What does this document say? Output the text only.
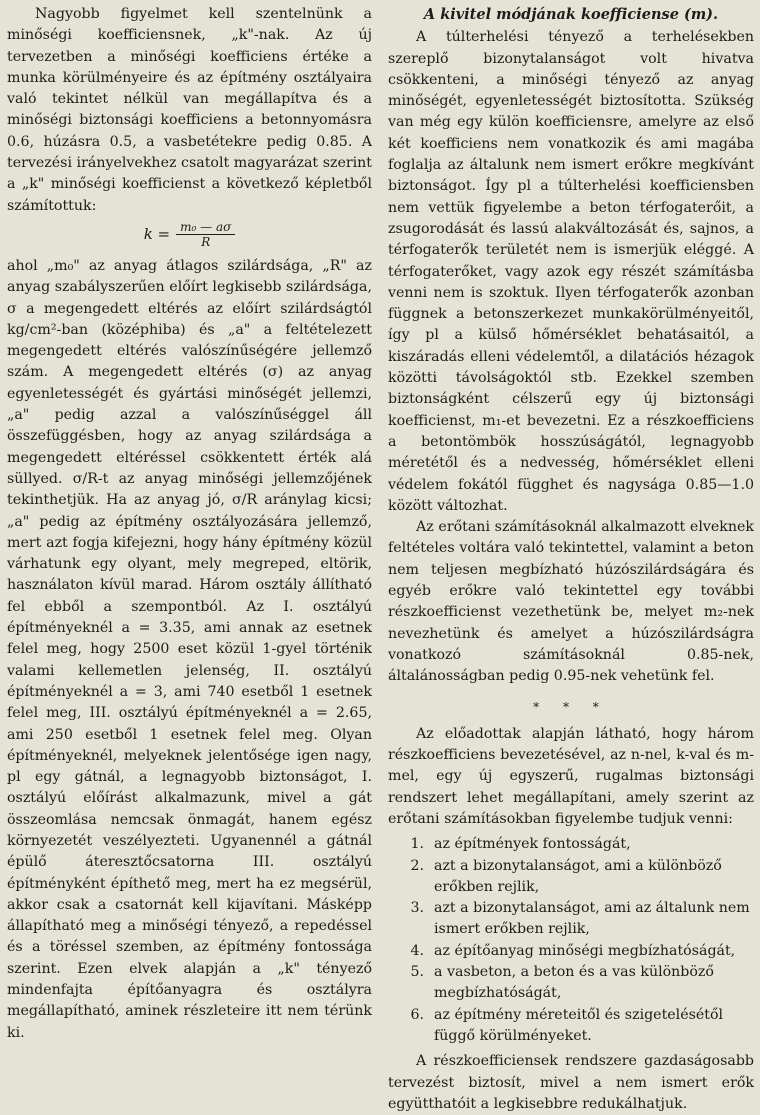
Nagyobb figyelmet kell szentelnünk a minőségi koefficiensnek, „k"-nak. Az új tervezetben a minőségi koefficiens értéke a munka körülményeire és az építmény osztályaira való tekintet nélkül van megállapítva és a minőségi biztonsági koefficiens a betonnyomásra 0.6, húzásra 0.5, a vasbetétekre pedig 0.85. A tervezési irányelvekhez csatolt magyarázat szerint a „k" minőségi koefficienst a következő képletből számítottuk:

$k = \frac{\text{m₀ — aσ}}{R}$

ahol „m₀" az anyag átlagos szilárdsága, „R" az anyag szabályszerűen előírt legkisebb szilárdsága, σ a megengedett eltérés az előírt szilárdságtól kg/cm²-ban (középhiba) és „a" a feltételezett megengedett eltérés valószínűségére jellemző szám. A megengedett eltérés (σ) az anyag egyenletességét és gyártási minőségét jellemzi, „a" pedig azzal a valószínűséggel áll összefüggésben, hogy az anyag szilárdsága a megengedett eltéréssel csökkentett érték alá süllyed. σ/R-t az anyag minőségi jellemzőjének tekinthetjük. Ha az anyag jó, σ/R aránylag kicsi; „a" pedig az építmény osztályozására jellemző, mert azt fogja kifejezni, hogy hány építmény közül várhatunk egy olyant, mely megreped, eltörik, használaton kívül marad. Három osztály állítható fel ebből a szempontból. Az I. osztályú építményeknél a = 3.35, ami annak az esetnek felel meg, hogy 2500 eset közül 1-gyel történik valami kellemetlen jelenség, II. osztályú építményeknél a = 3, ami 740 esetből 1 esetnek felel meg, III. osztályú építményeknél a = 2.65, ami 250 esetből 1 esetnek felel meg. Olyan építményeknél, melyeknek jelentősége igen nagy, pl egy gátnál, a legnagyobb biztonságot, I. osztályú előírást alkalmazunk, mivel a gát összeomlása nemcsak önmagát, hanem egész környezetét veszélyezteti. Ugyanennél a gátnál épülő áteresztőcsatorna III. osztályú építményként építhető meg, mert ha ez megsérül, akkor csak a csatornát kell kijavítani. Másképp állapítható meg a minőségi tényező, a repedéssel és a töréssel szemben, az építmény fontossága szerint. Ezen elvek alapján a „k" tényező mindenfajta építőanyagra és osztályra megállapítható, aminek részleteire itt nem térünk ki.

A kivitel módjának koefficiense (m).

A túlterhelési tényező a terhelésekben szereplő bizonytalanságot volt hivatva csökkenteni, a minőségi tényező az anyag minőségét, egyenletességét biztosította. Szükség van még egy külön koefficiensre, amelyre az első két koefficiens nem vonatkozik és ami magába foglalja az általunk nem ismert erőkre megkívánt biztonságot. Így pl a túlterhelési koefficiensben nem vettük figyelembe a beton térfogaterőit, a zsugorodását és lassú alakváltozását és, sajnos, a térfogaterők területét nem is ismerjük eléggé. A térfogaterőket, vagy azok egy részét számításba venni nem is szoktuk. Ilyen térfogaterők azonban függnek a betonszerkezet munkakörülményeitől, így pl a külső hőmérséklet behatásaitól, a kiszáradás elleni védelemtől, a dilatációs hézagok közötti távolságoktól stb. Ezekkel szemben biztonságként célszerű egy új biztonsági koefficienst, m₁-et bevezetni. Ez a részkoefficiens a betontömbök hosszúságától, legnagyobb méretétől és a nedvesség, hőmérséklet elleni védelem fokától függhet és nagysága 0.85—1.0 között változhat.

Az erőtani számításoknál alkalmazott elveknek feltételes voltára való tekintettel, valamint a beton nem teljesen megbízható húzószilárdságára és egyéb erőkre való tekintettel egy további részkoefficienst vezethetünk be, melyet m₂-nek nevezhetünk és amelyet a húzószilárdságra vonatkozó számításoknál 0.85-nek, általánosságban pedig 0.95-nek vehetünk fel.

* * *

Az előadottak alapján látható, hogy három részkoefficiens bevezetésével, az n-nel, k-val és m-mel, egy új egyszerű, rugalmas biztonsági rendszert lehet megállapítani, amely szerint az erőtani számításokban figyelembe tudjuk venni:

1. az építmények fontosságát,
2. azt a bizonytalanságot, ami a különböző erőkben rejlik,
3. azt a bizonytalanságot, ami az általunk nem ismert erőkben rejlik,
4. az építőanyag minőségi megbízhatóságát,
5. a vasbeton, a beton és a vas különböző megbízhatóságát,
6. az építmény méreteitől és szigetelésétől függő körülményeket.

A részkoefficiensek rendszere gazdaságosabb tervezést biztosít, mivel a nem ismert erők együtthatóit a legkisebbre redukálhatjuk.
